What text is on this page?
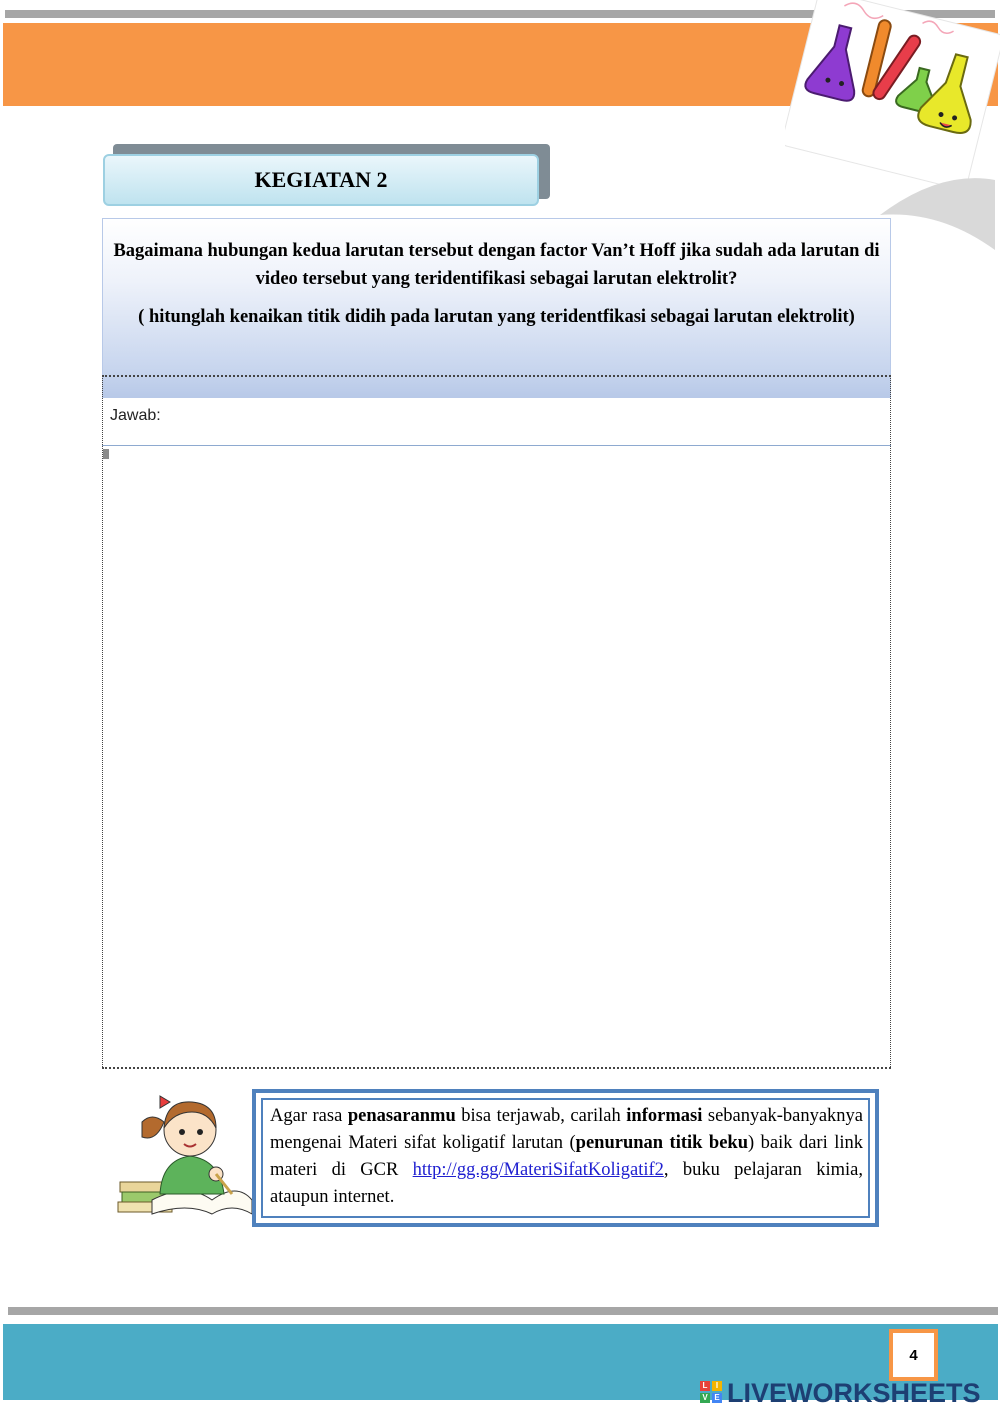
KEGIATAN 2
Bagaimana hubungan kedua larutan tersebut dengan factor Van’t Hoff jika sudah ada larutan di video tersebut yang teridentifikasi sebagai larutan elektrolit?
( hitunglah kenaikan titik didih pada larutan yang teridentfikasi sebagai larutan elektrolit)
Jawab:
Agar rasa penasaranmu bisa terjawab, carilah informasi sebanyak-banyaknya mengenai Materi sifat koligatif larutan (penurunan titik beku) baik dari link materi di GCR http://gg.gg/MateriSifatKoligatif2, buku pelajaran kimia, ataupun internet.
4
L	I
V E LIVEWORKSHEETS
